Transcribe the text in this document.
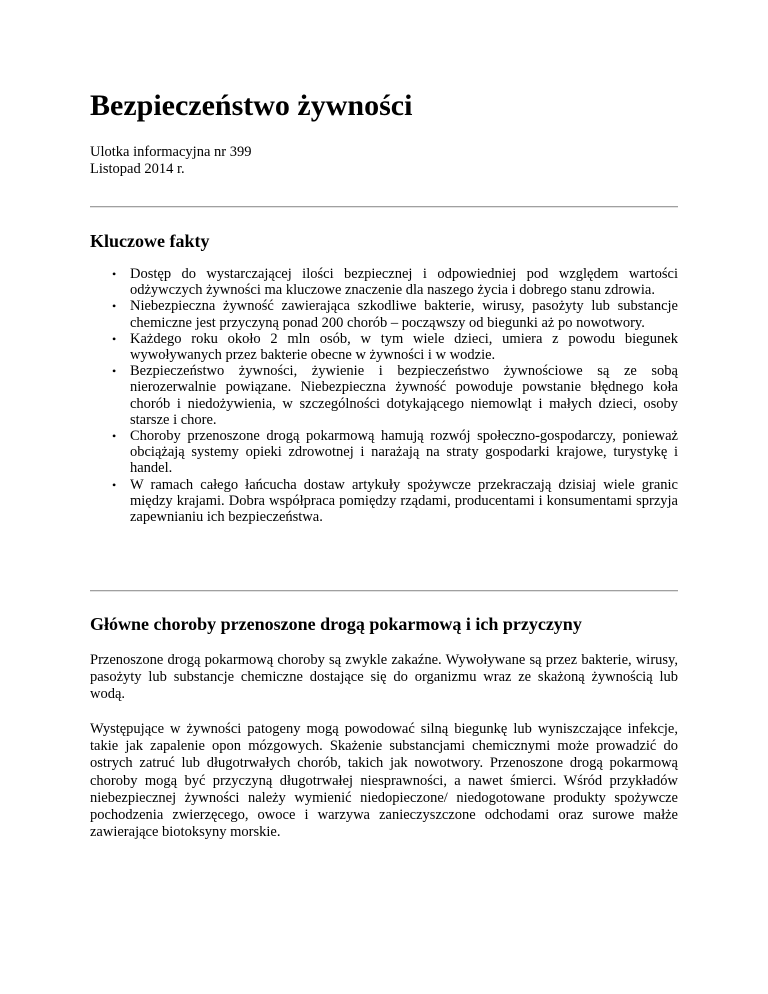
Bezpieczeństwo żywności
Ulotka informacyjna nr 399
Listopad 2014 r.
Kluczowe fakty
• Dostęp do wystarczającej ilości bezpiecznej i odpowiedniej pod względem wartości odżywczych żywności ma kluczowe znaczenie dla naszego życia i dobrego stanu zdrowia.
• Niebezpieczna żywność zawierająca szkodliwe bakterie, wirusy, pasożyty lub substancje chemiczne jest przyczyną ponad 200 chorób – począwszy od biegunki aż po nowotwory.
• Każdego roku około 2 mln osób, w tym wiele dzieci, umiera z powodu biegunek wywoływanych przez bakterie obecne w żywności i w wodzie.
• Bezpieczeństwo żywności, żywienie i bezpieczeństwo żywnościowe są ze sobą nierozerwalnie powiązane. Niebezpieczna żywność powoduje powstanie błędnego koła chorób i niedożywienia, w szczególności dotykającego niemowląt i małych dzieci, osoby starsze i chore.
• Choroby przenoszone drogą pokarmową hamują rozwój społeczno-gospodarczy, ponieważ obciążają systemy opieki zdrowotnej i narażają na straty gospodarki krajowe, turystykę i handel.
• W ramach całego łańcucha dostaw artykuły spożywcze przekraczają dzisiaj wiele granic między krajami. Dobra współpraca pomiędzy rządami, producentami i konsumentami sprzyja zapewnianiu ich bezpieczeństwa.
Główne choroby przenoszone drogą pokarmową i ich przyczyny

Przenoszone drogą pokarmową choroby są zwykle zakaźne. Wywoływane są przez bakterie, wirusy, pasożyty lub substancje chemiczne dostające się do organizmu wraz ze skażoną żywnością lub wodą.

Występujące w żywności patogeny mogą powodować silną biegunkę lub wyniszczające infekcje, takie jak zapalenie opon mózgowych. Skażenie substancjami chemicznymi może prowadzić do ostrych zatruć lub długotrwałych chorób, takich jak nowotwory. Przenoszone drogą pokarmową choroby mogą być przyczyną długotrwałej niesprawności, a nawet śmierci. Wśród przykładów niebezpiecznej żywności należy wymienić niedopieczone/ niedogotowane produkty spożywcze pochodzenia zwierzęcego, owoce i warzywa zanieczyszczone odchodami oraz surowe małże zawierające biotoksyny morskie.
